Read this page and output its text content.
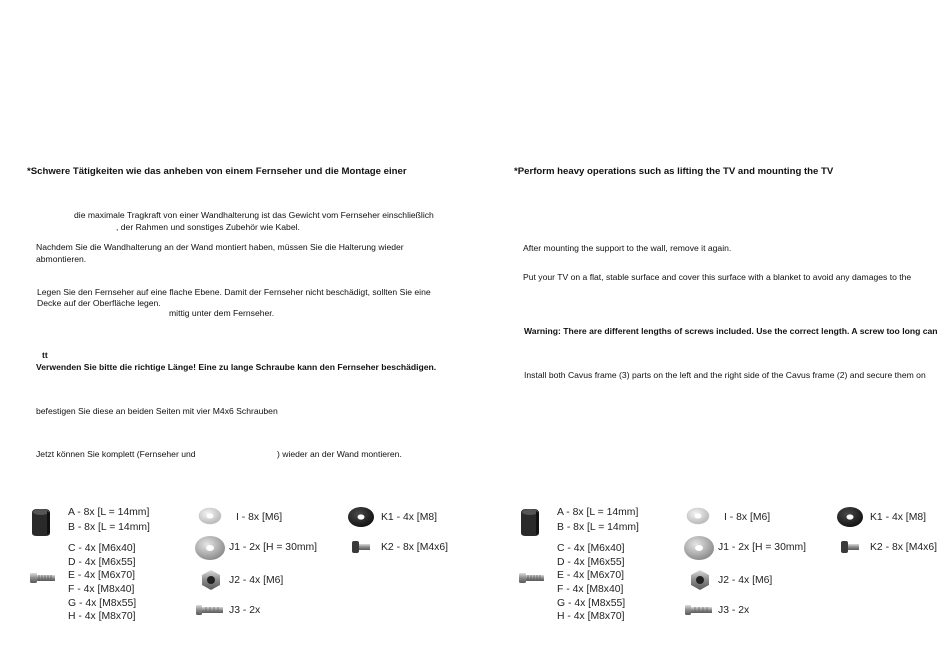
*Schwere Tätigkeiten wie das anheben von einem Fernseher und die Montage einer
die maximale Tragkraft von einer Wandhalterung ist das Gewicht vom Fernseher einschließlich
, der Rahmen und sonstiges Zubehör wie Kabel.
Nachdem Sie die Wandhalterung an der Wand montiert haben, müssen Sie die Halterung wieder
abmontieren.
Legen Sie den Fernseher auf eine flache Ebene. Damit der Fernseher nicht beschädigt, sollten Sie eine
Decke auf der Oberfläche legen.
mittig unter dem Fernseher.
tt
Verwenden Sie bitte die richtige Länge! Eine zu lange Schraube kann den Fernseher beschädigen.
befestigen Sie diese an beiden Seiten mit vier M4x6 Schrauben
Jetzt können Sie komplett (Fernseher und	) wieder an der Wand montieren.
*Perform heavy operations such as lifting the TV and mounting the TV
After mounting the support to the wall, remove it again.
Put your TV on a flat, stable surface and cover this surface with a blanket to avoid any damages to the
Warning: There are different lengths of screws included. Use the correct length. A screw too long can
Install both Cavus frame (3) parts on the left and the right side of the Cavus frame (2) and secure them on
A - 8x [L = 14mm]
B - 8x [L = 14mm]
C - 4x [M6x40]
D - 4x [M6x55]
E - 4x [M6x70]
F - 4x [M8x40]
G - 4x [M8x55]
H - 4x [M8x70]
I - 8x [M6]
J1 - 2x [H = 30mm]
J2 - 4x [M6]
J3 - 2x
K1 - 4x [M8]
K2 - 8x [M4x6]
A - 8x [L = 14mm]
B - 8x [L = 14mm]
C - 4x [M6x40]
D - 4x [M6x55]
E - 4x [M6x70]
F - 4x [M8x40]
G - 4x [M8x55]
H - 4x [M8x70]
I - 8x [M6]
J1 - 2x [H = 30mm]
J2 - 4x [M6]
J3 - 2x
K1 - 4x [M8]
K2 - 8x [M4x6]
